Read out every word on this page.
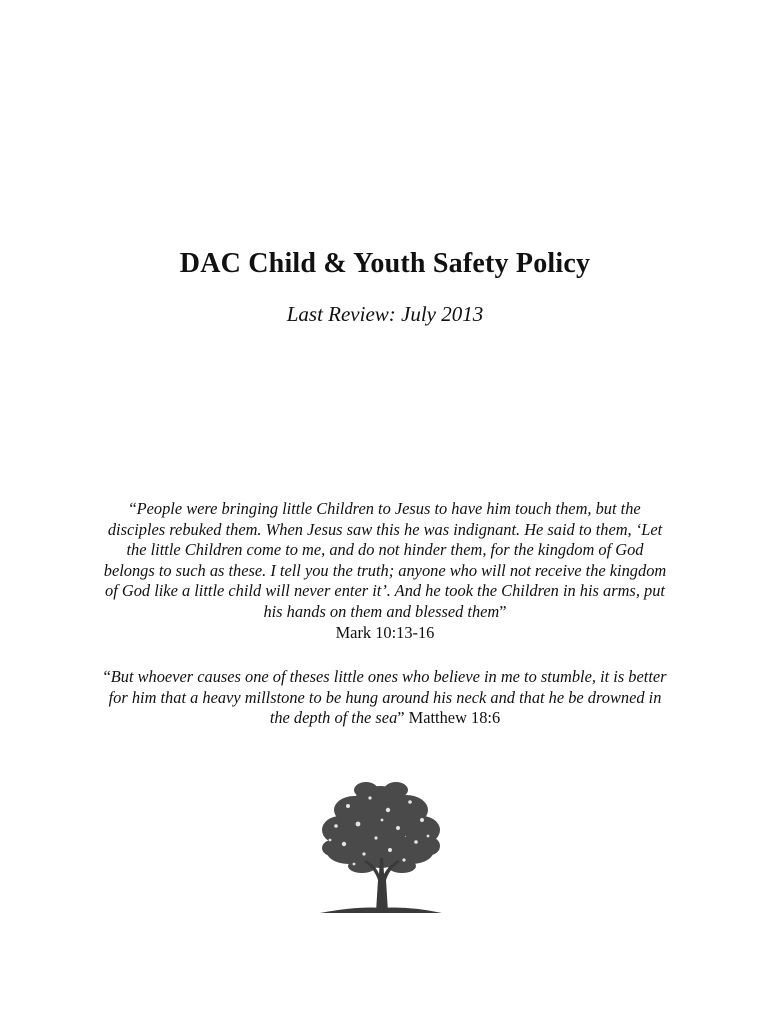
DAC Child & Youth Safety Policy

Last Review: July 2013

“People were bringing little Children to Jesus to have him touch them, but the disciples rebuked them. When Jesus saw this he was indignant. He said to them, ‘Let the little Children come to me, and do not hinder them, for the kingdom of God belongs to such as these. I tell you the truth; anyone who will not receive the kingdom of God like a little child will never enter it’. And he took the Children in his arms, put his hands on them and blessed them”
Mark 10:13-16

“But whoever causes one of theses little ones who believe in me to stumble, it is better for him that a heavy millstone to be hung around his neck and that he be drowned in the depth of the sea” Matthew 18:6
